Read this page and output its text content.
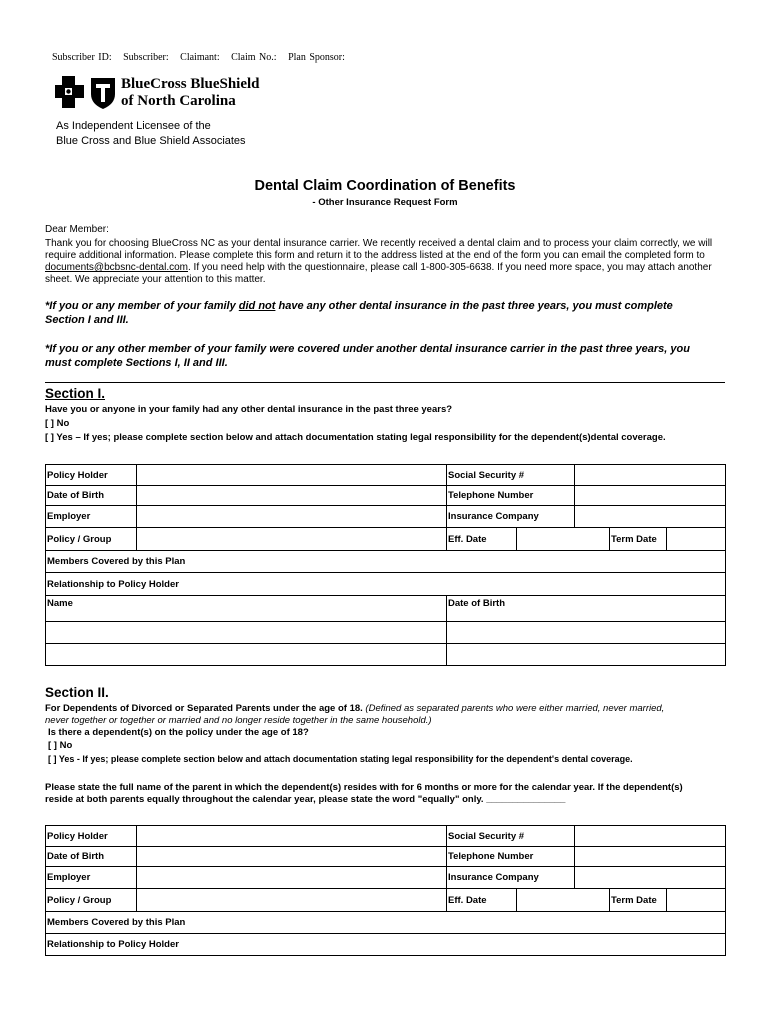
Subscriber ID: Subscriber: Claimant: Claim No.: Plan Sponsor:
BlueCross BlueShield
of North Carolina
As Independent Licensee of the
Blue Cross and Blue Shield Associates
Dental Claim Coordination of Benefits
- Other Insurance Request Form
Dear Member:
Thank you for choosing BlueCross NC as your dental insurance carrier. We recently received a dental claim and to process your claim correctly, we will
require additional information. Please complete this form and return it to the address listed at the end of the form you can email the completed form to
documents@bcbsnc-dental.com. If you need help with the questionnaire, please call 1-800-305-6638. If you need more space, you may attach another
sheet. We appreciate your attention to this matter.
*If you or any member of your family did not have any other dental insurance in the past three years, you must complete
Section I and III.
*If you or any other member of your family were covered under another dental insurance carrier in the past three years, you
must complete Sections I, II and III.
Section I.
Have you or anyone in your family had any other dental insurance in the past three years?
[ ] No
[ ] Yes – If yes; please complete section below and attach documentation stating legal responsibility for the dependent(s)dental coverage.
Policy Holder		Social Security #				
Date of Birth		Telephone Number				
Employer		Insurance Company				
Policy / Group		Eff. Date			Term Date	
Members Covered by this Plan						
Relationship to Policy Holder						
Name		Date of Birth				

Section II.
For Dependents of Divorced or Separated Parents under the age of 18. (Defined as separated parents who were either married, never married,
never together or together or married and no longer reside together in the same household.)
Is there a dependent(s) on the policy under the age of 18?
[ ] No
[ ] Yes - If yes; please complete section below and attach documentation stating legal responsibility for the dependent's dental coverage.
Please state the full name of the parent in which the dependent(s) resides with for 6 months or more for the calendar year. If the dependent(s)
reside at both parents equally throughout the calendar year, please state the word "equally" only. _______________
Policy Holder		Social Security #				
Date of Birth		Telephone Number				
Employer		Insurance Company				
Policy / Group		Eff. Date			Term Date	
Members Covered by this Plan						
Relationship to Policy Holder						
